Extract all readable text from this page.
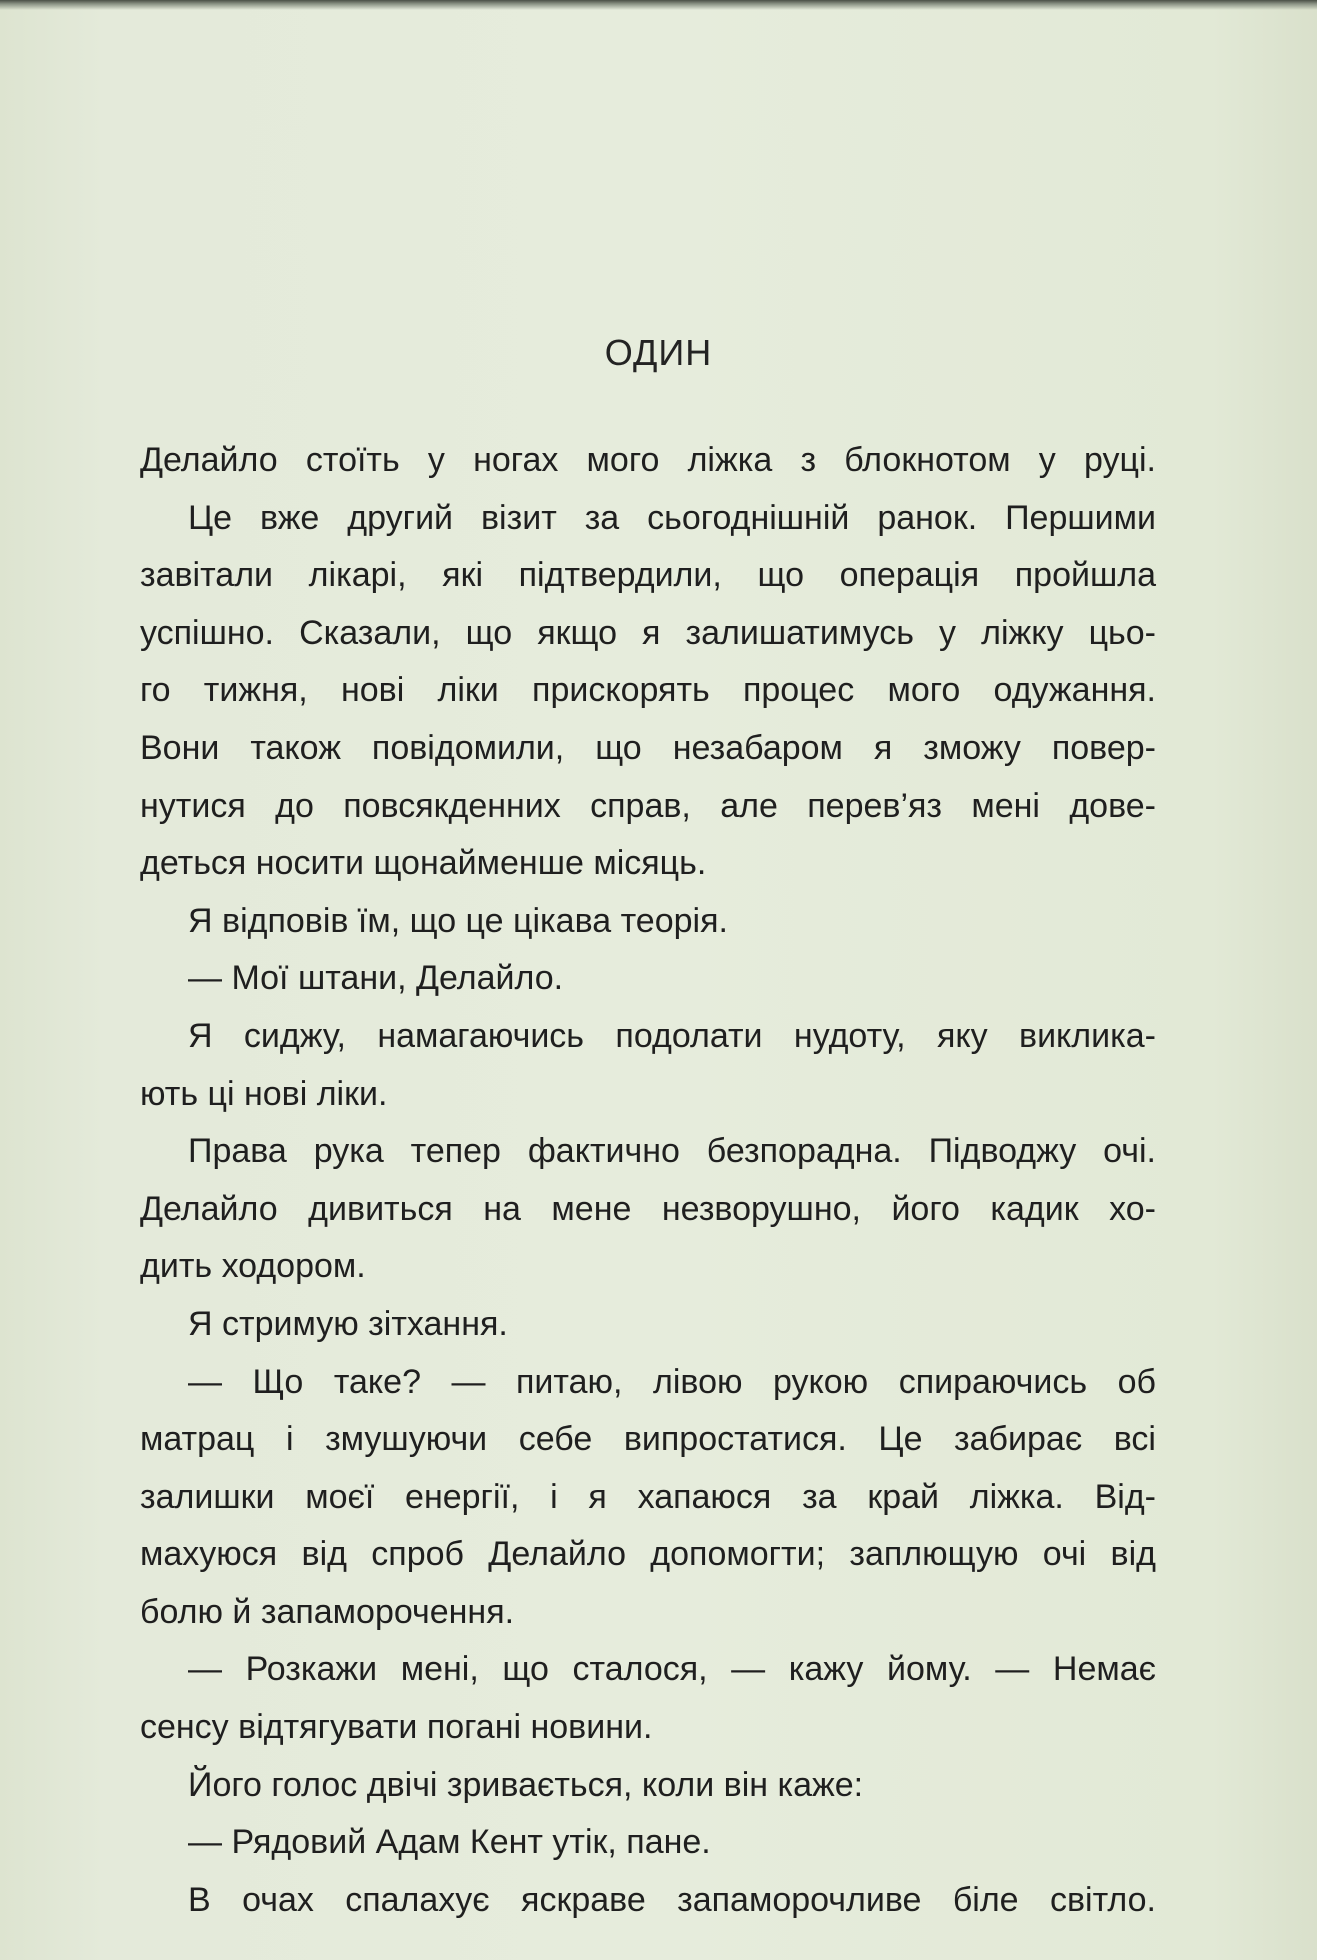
ОДИН
Делайло стоїть у ногах мого ліжка з блокнотом у руці.
Це вже другий візит за сьогоднішній ранок. Першими
завітали лікарі, які підтвердили, що операція пройшла
успішно. Сказали, що якщо я залишатимусь у ліжку цьо-
го тижня, нові ліки прискорять процес мого одужання.
Вони також повідомили, що незабаром я зможу повер-
нутися до повсякденних справ, але перев’яз мені дове-
деться носити щонайменше місяць.
Я відповів їм, що це цікава теорія.
— Мої штани, Делайло.
Я сиджу, намагаючись подолати нудоту, яку виклика-
ють ці нові ліки.
Права рука тепер фактично безпорадна. Підводжу очі.
Делайло дивиться на мене незворушно, його кадик хо-
дить ходором.
Я стримую зітхання.
— Що таке? — питаю, лівою рукою спираючись об
матрац і змушуючи себе випростатися. Це забирає всі
залишки моєї енергії, і я хапаюся за край ліжка. Від-
махуюся від спроб Делайло допомогти; заплющую очі від
болю й запаморочення.
— Розкажи мені, що сталося, — кажу йому. — Немає
сенсу відтягувати погані новини.
Його голос двічі зривається, коли він каже:
— Рядовий Адам Кент утік, пане.
В очах спалахує яскраве запаморочливе біле світло.
